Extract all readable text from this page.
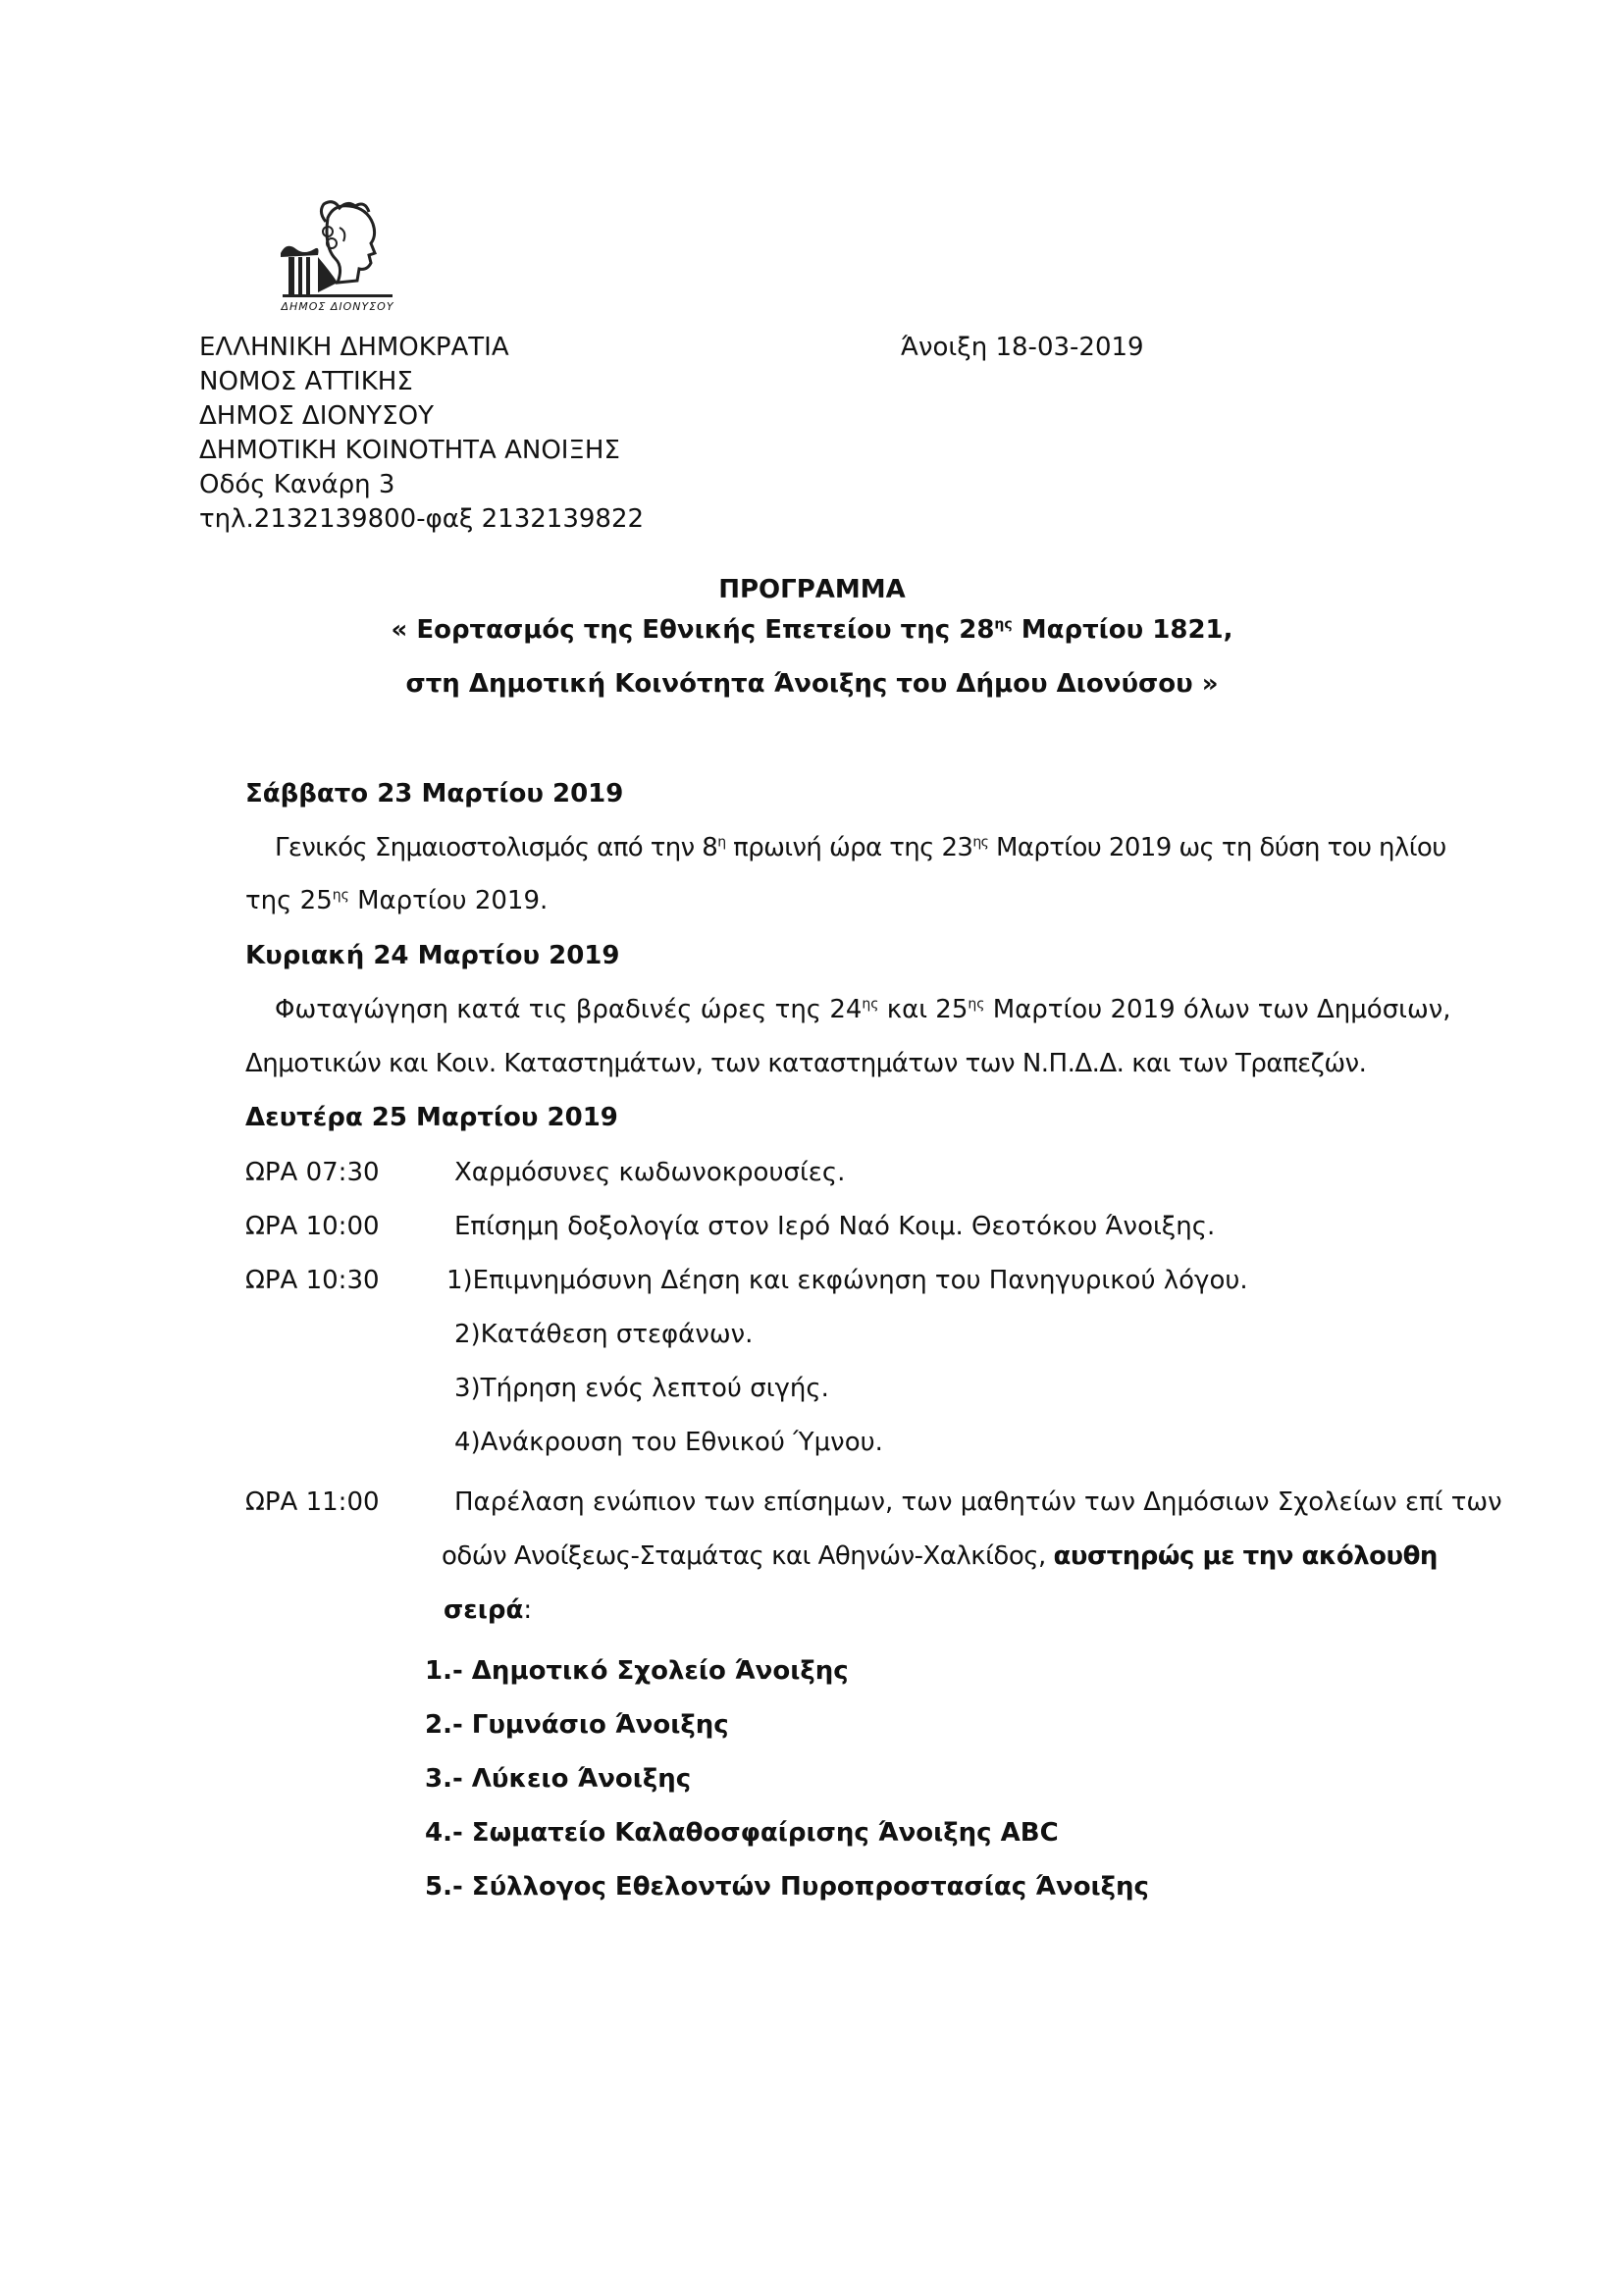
ΔΗΜΟΣ ΔΙΟΝΥΣΟΥ
ΕΛΛΗΝΙΚΗ ΔΗΜΟΚΡΑΤΙΑ
ΝΟΜΟΣ ΑΤΤΙΚΗΣ
ΔΗΜΟΣ ΔΙΟΝΥΣΟΥ
ΔΗΜΟΤΙΚΗ ΚΟΙΝΟΤΗΤΑ ΑΝΟΙΞΗΣ
Οδός Κανάρη 3
τηλ.2132139800-φαξ 2132139822
Άνοιξη 18-03-2019
ΠΡΟΓΡΑΜΜΑ
« Εορτασμός της Εθνικής Επετείου της $28^{\eta\varsigma}$ Μαρτίου 1821,
στη Δημοτική Κοινότητα Άνοιξης του Δήμου Διονύσου »
Σάββατο 23 Μαρτίου 2019
Γενικός Σημαιοστολισμός από την $8^\eta$ πρωινή ώρα της $23^{\eta\varsigma}$ Μαρτίου 2019 ως τη δύση του ηλίου
της $25^{\eta\varsigma}$ Μαρτίου 2019.
Κυριακή 24 Μαρτίου 2019
Φωταγώγηση κατά τις βραδινές ώρες της $24^{\eta\varsigma}$ και $25^{\eta\varsigma}$ Μαρτίου 2019 όλων των Δημόσιων,
Δημοτικών και Κοιν. Καταστημάτων, των καταστημάτων των Ν.Π.Δ.Δ. και των Τραπεζών.
Δευτέρα 25 Μαρτίου 2019
ΩΡΑ 07:30	Χαρμόσυνες κωδωνοκρουσίες.
ΩΡΑ 10:00	Επίσημη δοξολογία στον Ιερό Ναό Κοιμ. Θεοτόκου Άνοιξης.
ΩΡΑ 10:30	1)Επιμνημόσυνη Δέηση και εκφώνηση του Πανηγυρικού λόγου.
2)Κατάθεση στεφάνων.
3)Τήρηση ενός λεπτού σιγής.
4)Ανάκρουση του Εθνικού Ύμνου.
ΩΡΑ 11:00	Παρέλαση ενώπιον των επίσημων, των μαθητών των Δημόσιων Σχολείων επί των
οδών Ανοίξεως-Σταμάτας και Αθηνών-Χαλκίδος, αυστηρώς με την ακόλουθη
σειρά:
1.- Δημοτικό Σχολείο Άνοιξης
2.- Γυμνάσιο Άνοιξης
3.- Λύκειο Άνοιξης
4.- Σωματείο Καλαθοσφαίρισης Άνοιξης ABC
5.- Σύλλογος Εθελοντών Πυροπροστασίας Άνοιξης
